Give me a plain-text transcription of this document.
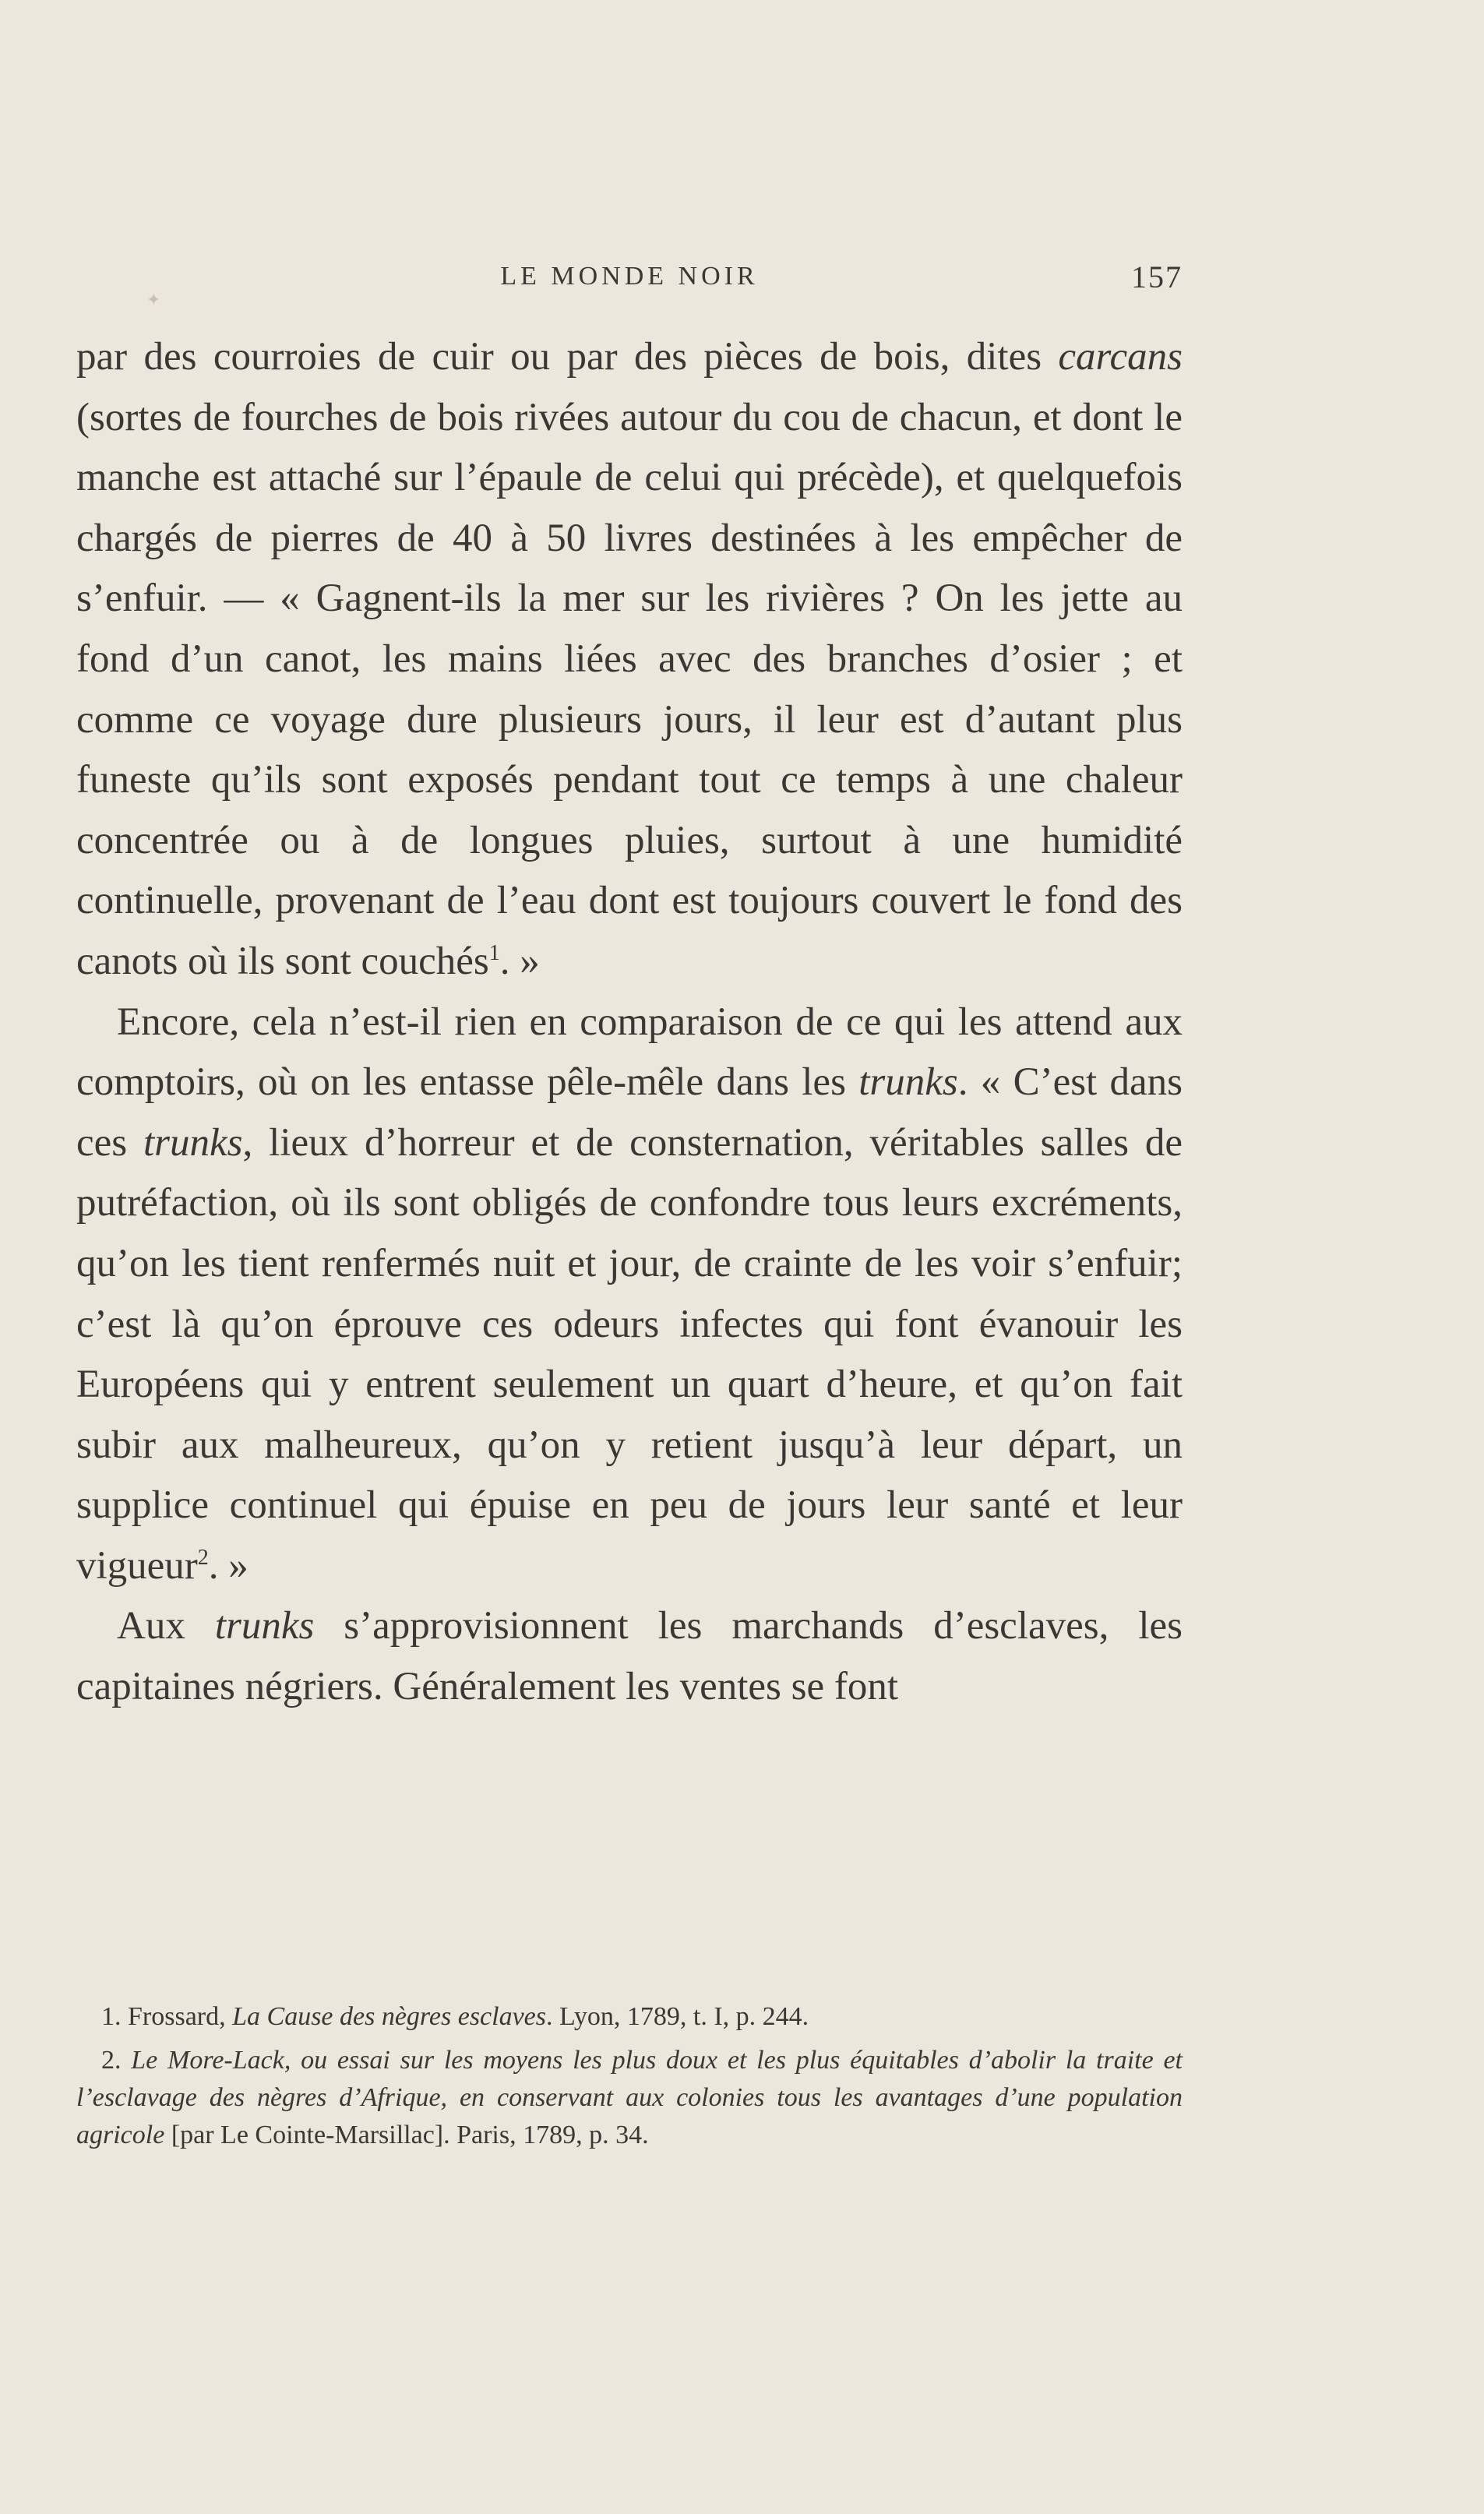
✦
LE MONDE NOIR	157

par des courroies de cuir ou par des pièces de bois, dites carcans (sortes de fourches de bois rivées autour du cou de chacun, et dont le manche est attaché sur l’épaule de celui qui précède), et quelquefois chargés de pierres de 40 à 50 livres destinées à les empêcher de s’enfuir. — « Gagnent-ils la mer sur les rivières ? On les jette au fond d’un canot, les mains liées avec des branches d’osier ; et comme ce voyage dure plusieurs jours, il leur est d’autant plus funeste qu’ils sont exposés pendant tout ce temps à une chaleur concentrée ou à de longues pluies, surtout à une humidité continuelle, provenant de l’eau dont est toujours couvert le fond des canots où ils sont couchés$^1$. »

Encore, cela n’est-il rien en comparaison de ce qui les attend aux comptoirs, où on les entasse pêle-mêle dans les trunks. « C’est dans ces trunks, lieux d’horreur et de consternation, véritables salles de putréfaction, où ils sont obligés de confondre tous leurs excréments, qu’on les tient renfermés nuit et jour, de crainte de les voir s’enfuir; c’est là qu’on éprouve ces odeurs infectes qui font évanouir les Européens qui y entrent seulement un quart d’heure, et qu’on fait subir aux malheureux, qu’on y retient jusqu’à leur départ, un supplice continuel qui épuise en peu de jours leur santé et leur vigueur$^2$. »

Aux trunks s’approvisionnent les marchands d’esclaves, les capitaines négriers. Généralement les ventes se font

1. Frossard, La Cause des nègres esclaves. Lyon, 1789, t. I, p. 244.

2. Le More-Lack, ou essai sur les moyens les plus doux et les plus équitables d’abolir la traite et l’esclavage des nègres d’Afrique, en conservant aux colonies tous les avantages d’une population agricole [par Le Cointe-Marsillac]. Paris, 1789, p. 34.
